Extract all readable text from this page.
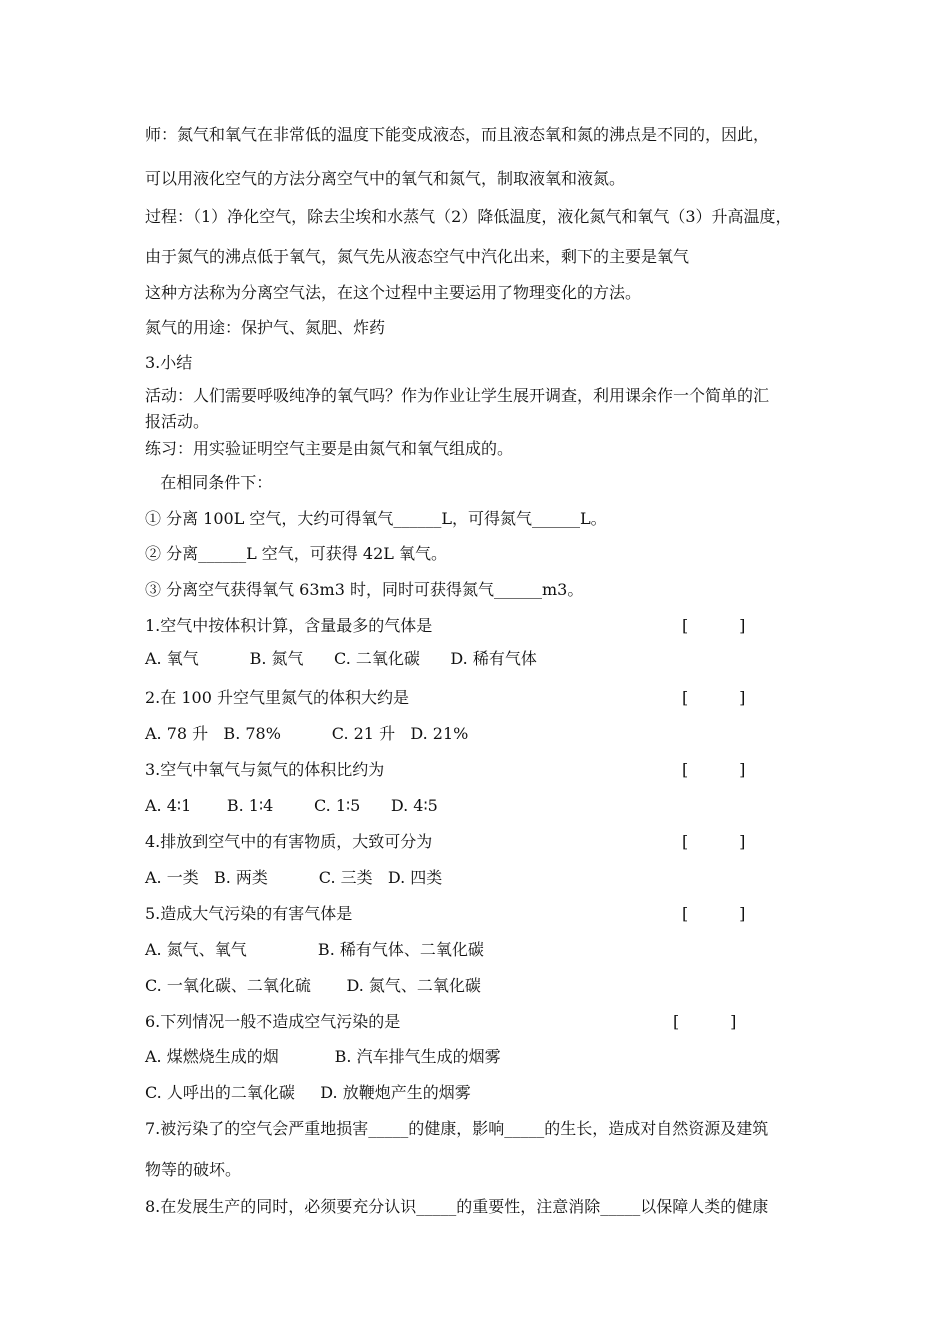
师：氮气和氧气在非常低的温度下能变成液态，而且液态氧和氮的沸点是不同的，因此，
可以用液化空气的方法分离空气中的氧气和氮气，制取液氧和液氮。
过程：（1）净化空气，除去尘埃和水蒸气（2）降低温度，液化氮气和氧气（3）升高温度，
由于氮气的沸点低于氧气，氮气先从液态空气中汽化出来，剩下的主要是氧气
这种方法称为分离空气法，在这个过程中主要运用了物理变化的方法。
氮气的用途：保护气、氮肥、炸药
3.小结
活动：人们需要呼吸纯净的氧气吗？作为作业让学生展开调查，利用课余作一个简单的汇
报活动。
练习：用实验证明空气主要是由氮气和氧气组成的。
在相同条件下：
① 分离 100L 空气，大约可得氧气______L，可得氮气______L。
② 分离______L 空气，可获得 42L 氧气。
③ 分离空气获得氧气 63m3 时，同时可获得氮气______m3。
1.空气中按体积计算，含量最多的气体是	[          ]
A. 氧气          B. 氮气      C. 二氧化碳      D. 稀有气体
2.在 100 升空气里氮气的体积大约是	[          ]
A. 78 升   B. 78%          C. 21 升   D. 21%
3.空气中氧气与氮气的体积比约为	[          ]
A. 4∶1       B. 1∶4        C. 1∶5      D. 4∶5
4.排放到空气中的有害物质，大致可分为	[          ]
A. 一类   B. 两类          C. 三类   D. 四类
5.造成大气污染的有害气体是	[          ]
A. 氮气、氧气              B. 稀有气体、二氧化碳
C. 一氧化碳、二氧化硫       D. 氮气、二氧化碳
6.下列情况一般不造成空气污染的是	[          ]
A. 煤燃烧生成的烟           B. 汽车排气生成的烟雾
C. 人呼出的二氧化碳     D. 放鞭炮产生的烟雾
7.被污染了的空气会严重地损害_____的健康，影响_____的生长，造成对自然资源及建筑
物等的破坏。
8.在发展生产的同时，必须要充分认识_____的重要性，注意消除_____以保障人类的健康
